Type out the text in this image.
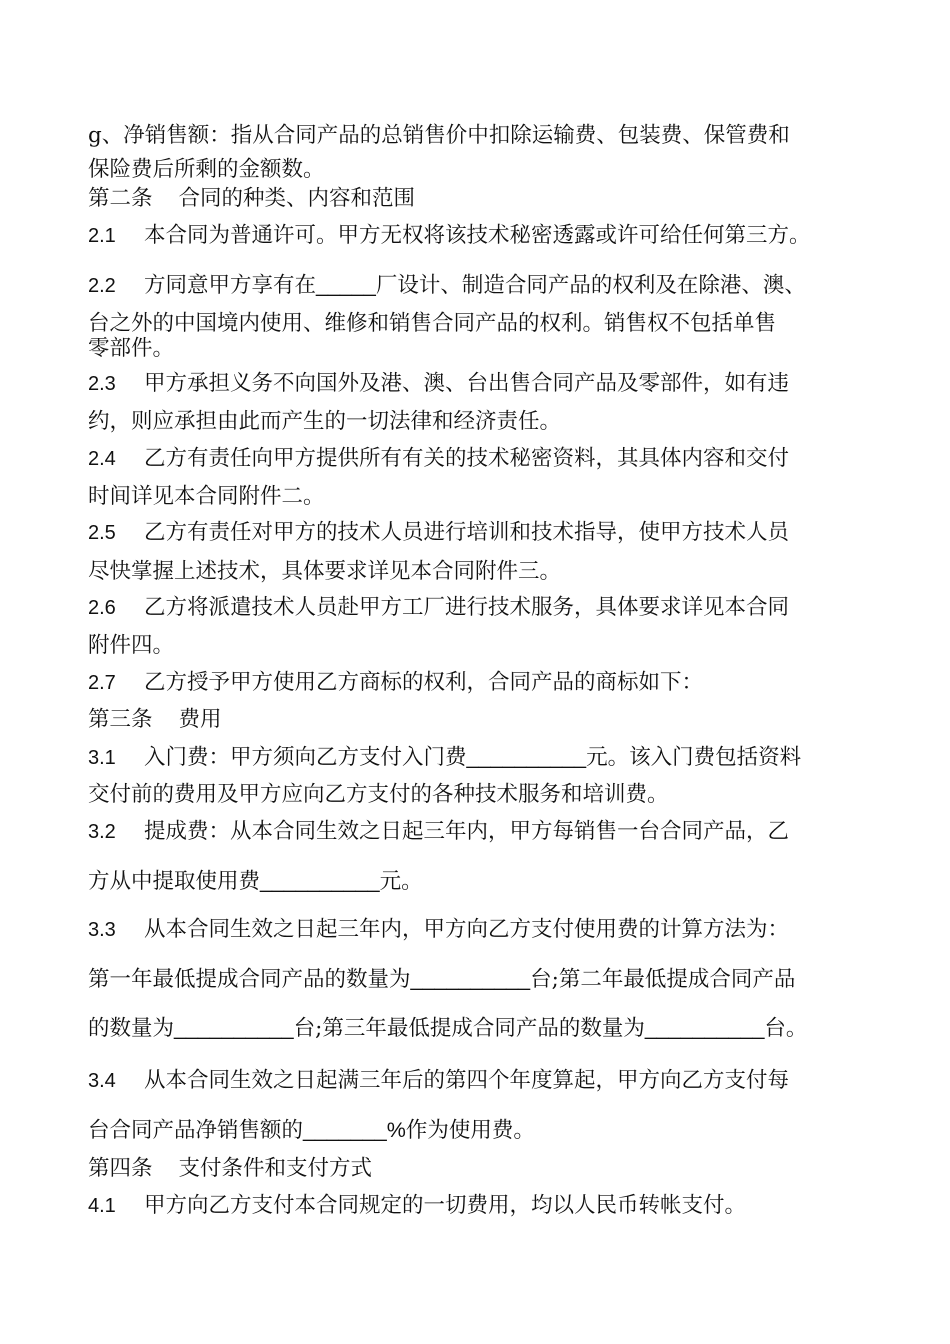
g、净销售额：指从合同产品的总销售价中扣除运输费、包装费、保管费和
保险费后所剩的金额数。
第二条 合同的种类、内容和范围
2.1 本合同为普通许可。甲方无权将该技术秘密透露或许可给任何第三方。
2.2 方同意甲方享有在_____厂设计、制造合同产品的权利及在除港、澳、
台之外的中国境内使用、维修和销售合同产品的权利。销售权不包括单售
零部件。
2.3 甲方承担义务不向国外及港、澳、台出售合同产品及零部件，如有违
约，则应承担由此而产生的一切法律和经济责任。
2.4 乙方有责任向甲方提供所有有关的技术秘密资料，其具体内容和交付
时间详见本合同附件二。
2.5 乙方有责任对甲方的技术人员进行培训和技术指导，使甲方技术人员
尽快掌握上述技术，具体要求详见本合同附件三。
2.6 乙方将派遣技术人员赴甲方工厂进行技术服务，具体要求详见本合同
附件四。
2.7 乙方授予甲方使用乙方商标的权利，合同产品的商标如下：
第三条 费用
3.1 入门费：甲方须向乙方支付入门费__________元。该入门费包括资料
交付前的费用及甲方应向乙方支付的各种技术服务和培训费。
3.2 提成费：从本合同生效之日起三年内，甲方每销售一台合同产品，乙
方从中提取使用费__________元。
3.3 从本合同生效之日起三年内，甲方向乙方支付使用费的计算方法为：
第一年最低提成合同产品的数量为__________台;第二年最低提成合同产品
的数量为__________台;第三年最低提成合同产品的数量为__________台。
3.4 从本合同生效之日起满三年后的第四个年度算起，甲方向乙方支付每
台合同产品净销售额的_______%作为使用费。
第四条 支付条件和支付方式
4.1 甲方向乙方支付本合同规定的一切费用，均以人民币转帐支付。
